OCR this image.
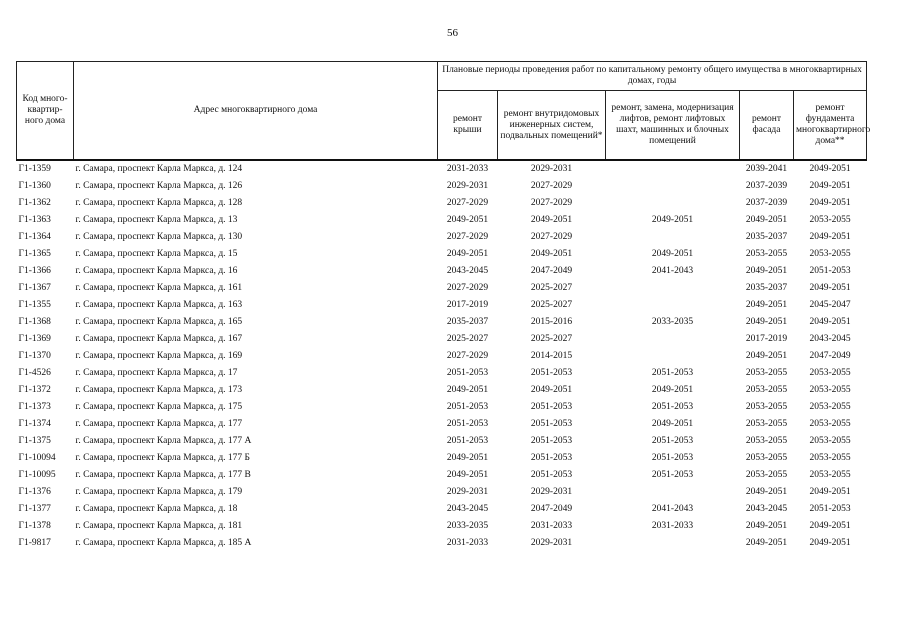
56
Код много-квартир-ного дома	Адрес многоквартирного дома	Плановые периоды проведения работ по капитальному ремонту общего имущества в многоквартирных домах, годы				
		ремонт крыши	ремонт внутридомовых инженерных систем, подвальных помещений*	ремонт, замена, модернизация лифтов, ремонт лифтовых шахт, машинных и блочных помещений	ремонт фасада	ремонт фундамента многоквартирного дома**
Г1-1359	г. Самара, проспект Карла Маркса, д. 124	2031-2033	2029-2031		2039-2041	2049-2051
Г1-1360	г. Самара, проспект Карла Маркса, д. 126	2029-2031	2027-2029		2037-2039	2049-2051
Г1-1362	г. Самара, проспект Карла Маркса, д. 128	2027-2029	2027-2029		2037-2039	2049-2051
Г1-1363	г. Самара, проспект Карла Маркса, д. 13	2049-2051	2049-2051	2049-2051	2049-2051	2053-2055
Г1-1364	г. Самара, проспект Карла Маркса, д. 130	2027-2029	2027-2029		2035-2037	2049-2051
Г1-1365	г. Самара, проспект Карла Маркса, д. 15	2049-2051	2049-2051	2049-2051	2053-2055	2053-2055
Г1-1366	г. Самара, проспект Карла Маркса, д. 16	2043-2045	2047-2049	2041-2043	2049-2051	2051-2053
Г1-1367	г. Самара, проспект Карла Маркса, д. 161	2027-2029	2025-2027		2035-2037	2049-2051
Г1-1355	г. Самара, проспект Карла Маркса, д. 163	2017-2019	2025-2027		2049-2051	2045-2047
Г1-1368	г. Самара, проспект Карла Маркса, д. 165	2035-2037	2015-2016	2033-2035	2049-2051	2049-2051
Г1-1369	г. Самара, проспект Карла Маркса, д. 167	2025-2027	2025-2027		2017-2019	2043-2045
Г1-1370	г. Самара, проспект Карла Маркса, д. 169	2027-2029	2014-2015		2049-2051	2047-2049
Г1-4526	г. Самара, проспект Карла Маркса, д. 17	2051-2053	2051-2053	2051-2053	2053-2055	2053-2055
Г1-1372	г. Самара, проспект Карла Маркса, д. 173	2049-2051	2049-2051	2049-2051	2053-2055	2053-2055
Г1-1373	г. Самара, проспект Карла Маркса, д. 175	2051-2053	2051-2053	2051-2053	2053-2055	2053-2055
Г1-1374	г. Самара, проспект Карла Маркса, д. 177	2051-2053	2051-2053	2049-2051	2053-2055	2053-2055
Г1-1375	г. Самара, проспект Карла Маркса, д. 177 А	2051-2053	2051-2053	2051-2053	2053-2055	2053-2055
Г1-10094	г. Самара, проспект Карла Маркса, д. 177 Б	2049-2051	2051-2053	2051-2053	2053-2055	2053-2055
Г1-10095	г. Самара, проспект Карла Маркса, д. 177 В	2049-2051	2051-2053	2051-2053	2053-2055	2053-2055
Г1-1376	г. Самара, проспект Карла Маркса, д. 179	2029-2031	2029-2031		2049-2051	2049-2051
Г1-1377	г. Самара, проспект Карла Маркса, д. 18	2043-2045	2047-2049	2041-2043	2043-2045	2051-2053
Г1-1378	г. Самара, проспект Карла Маркса, д. 181	2033-2035	2031-2033	2031-2033	2049-2051	2049-2051
Г1-9817	г. Самара, проспект Карла Маркса, д. 185 А	2031-2033	2029-2031		2049-2051	2049-2051
